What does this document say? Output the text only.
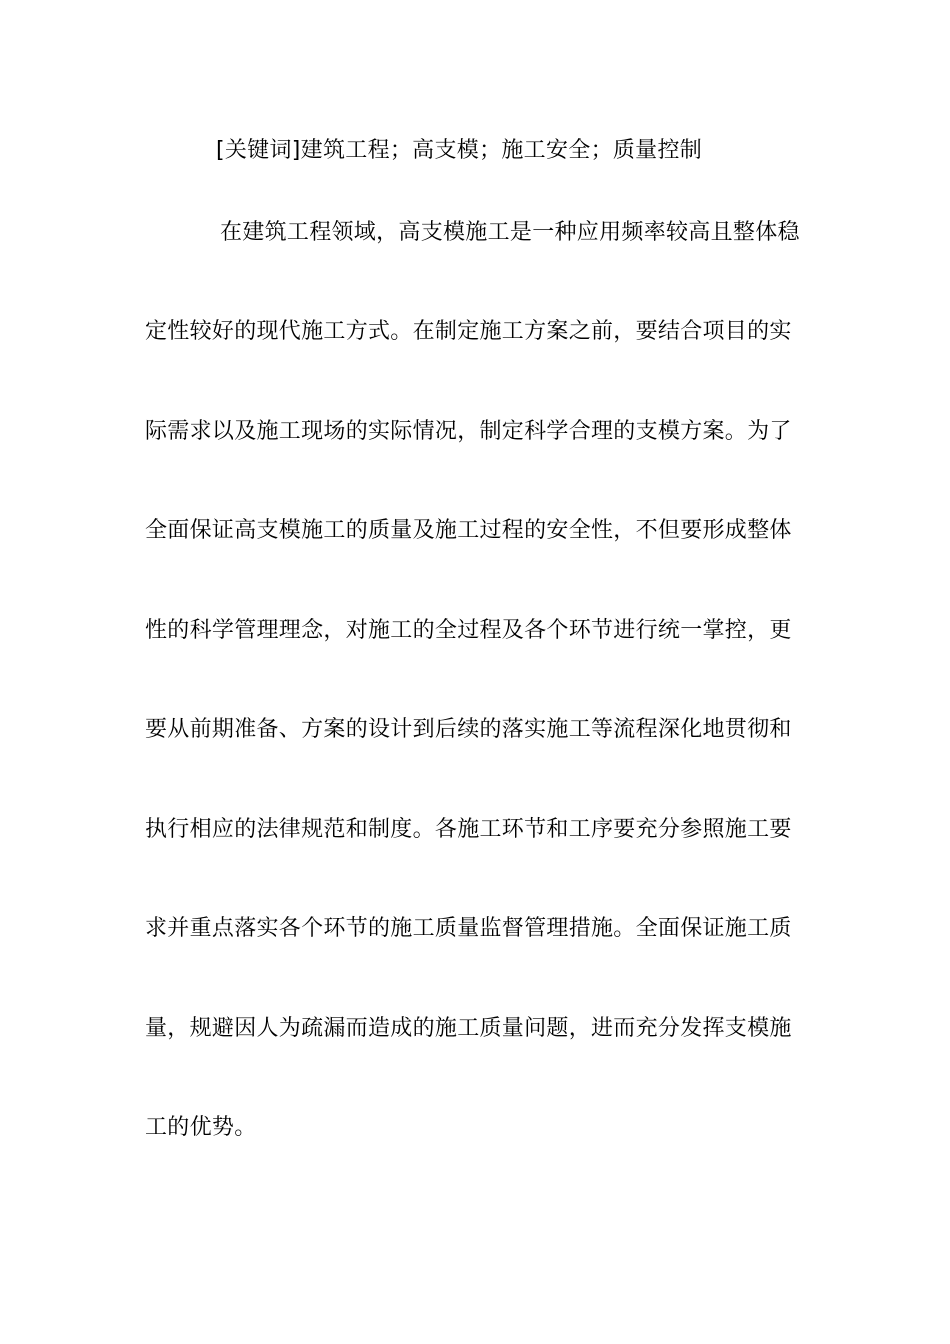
[关键词]建筑工程；高支模；施工安全；质量控制
在建筑工程领域，高支模施工是一种应用频率较高且整体稳
定性较好的现代施工方式。在制定施工方案之前，要结合项目的实
际需求以及施工现场的实际情况，制定科学合理的支模方案。为了
全面保证高支模施工的质量及施工过程的安全性，不但要形成整体
性的科学管理理念，对施工的全过程及各个环节进行统一掌控，更
要从前期准备、方案的设计到后续的落实施工等流程深化地贯彻和
执行相应的法律规范和制度。各施工环节和工序要充分参照施工要
求并重点落实各个环节的施工质量监督管理措施。全面保证施工质
量，规避因人为疏漏而造成的施工质量问题，进而充分发挥支模施
工的优势。
